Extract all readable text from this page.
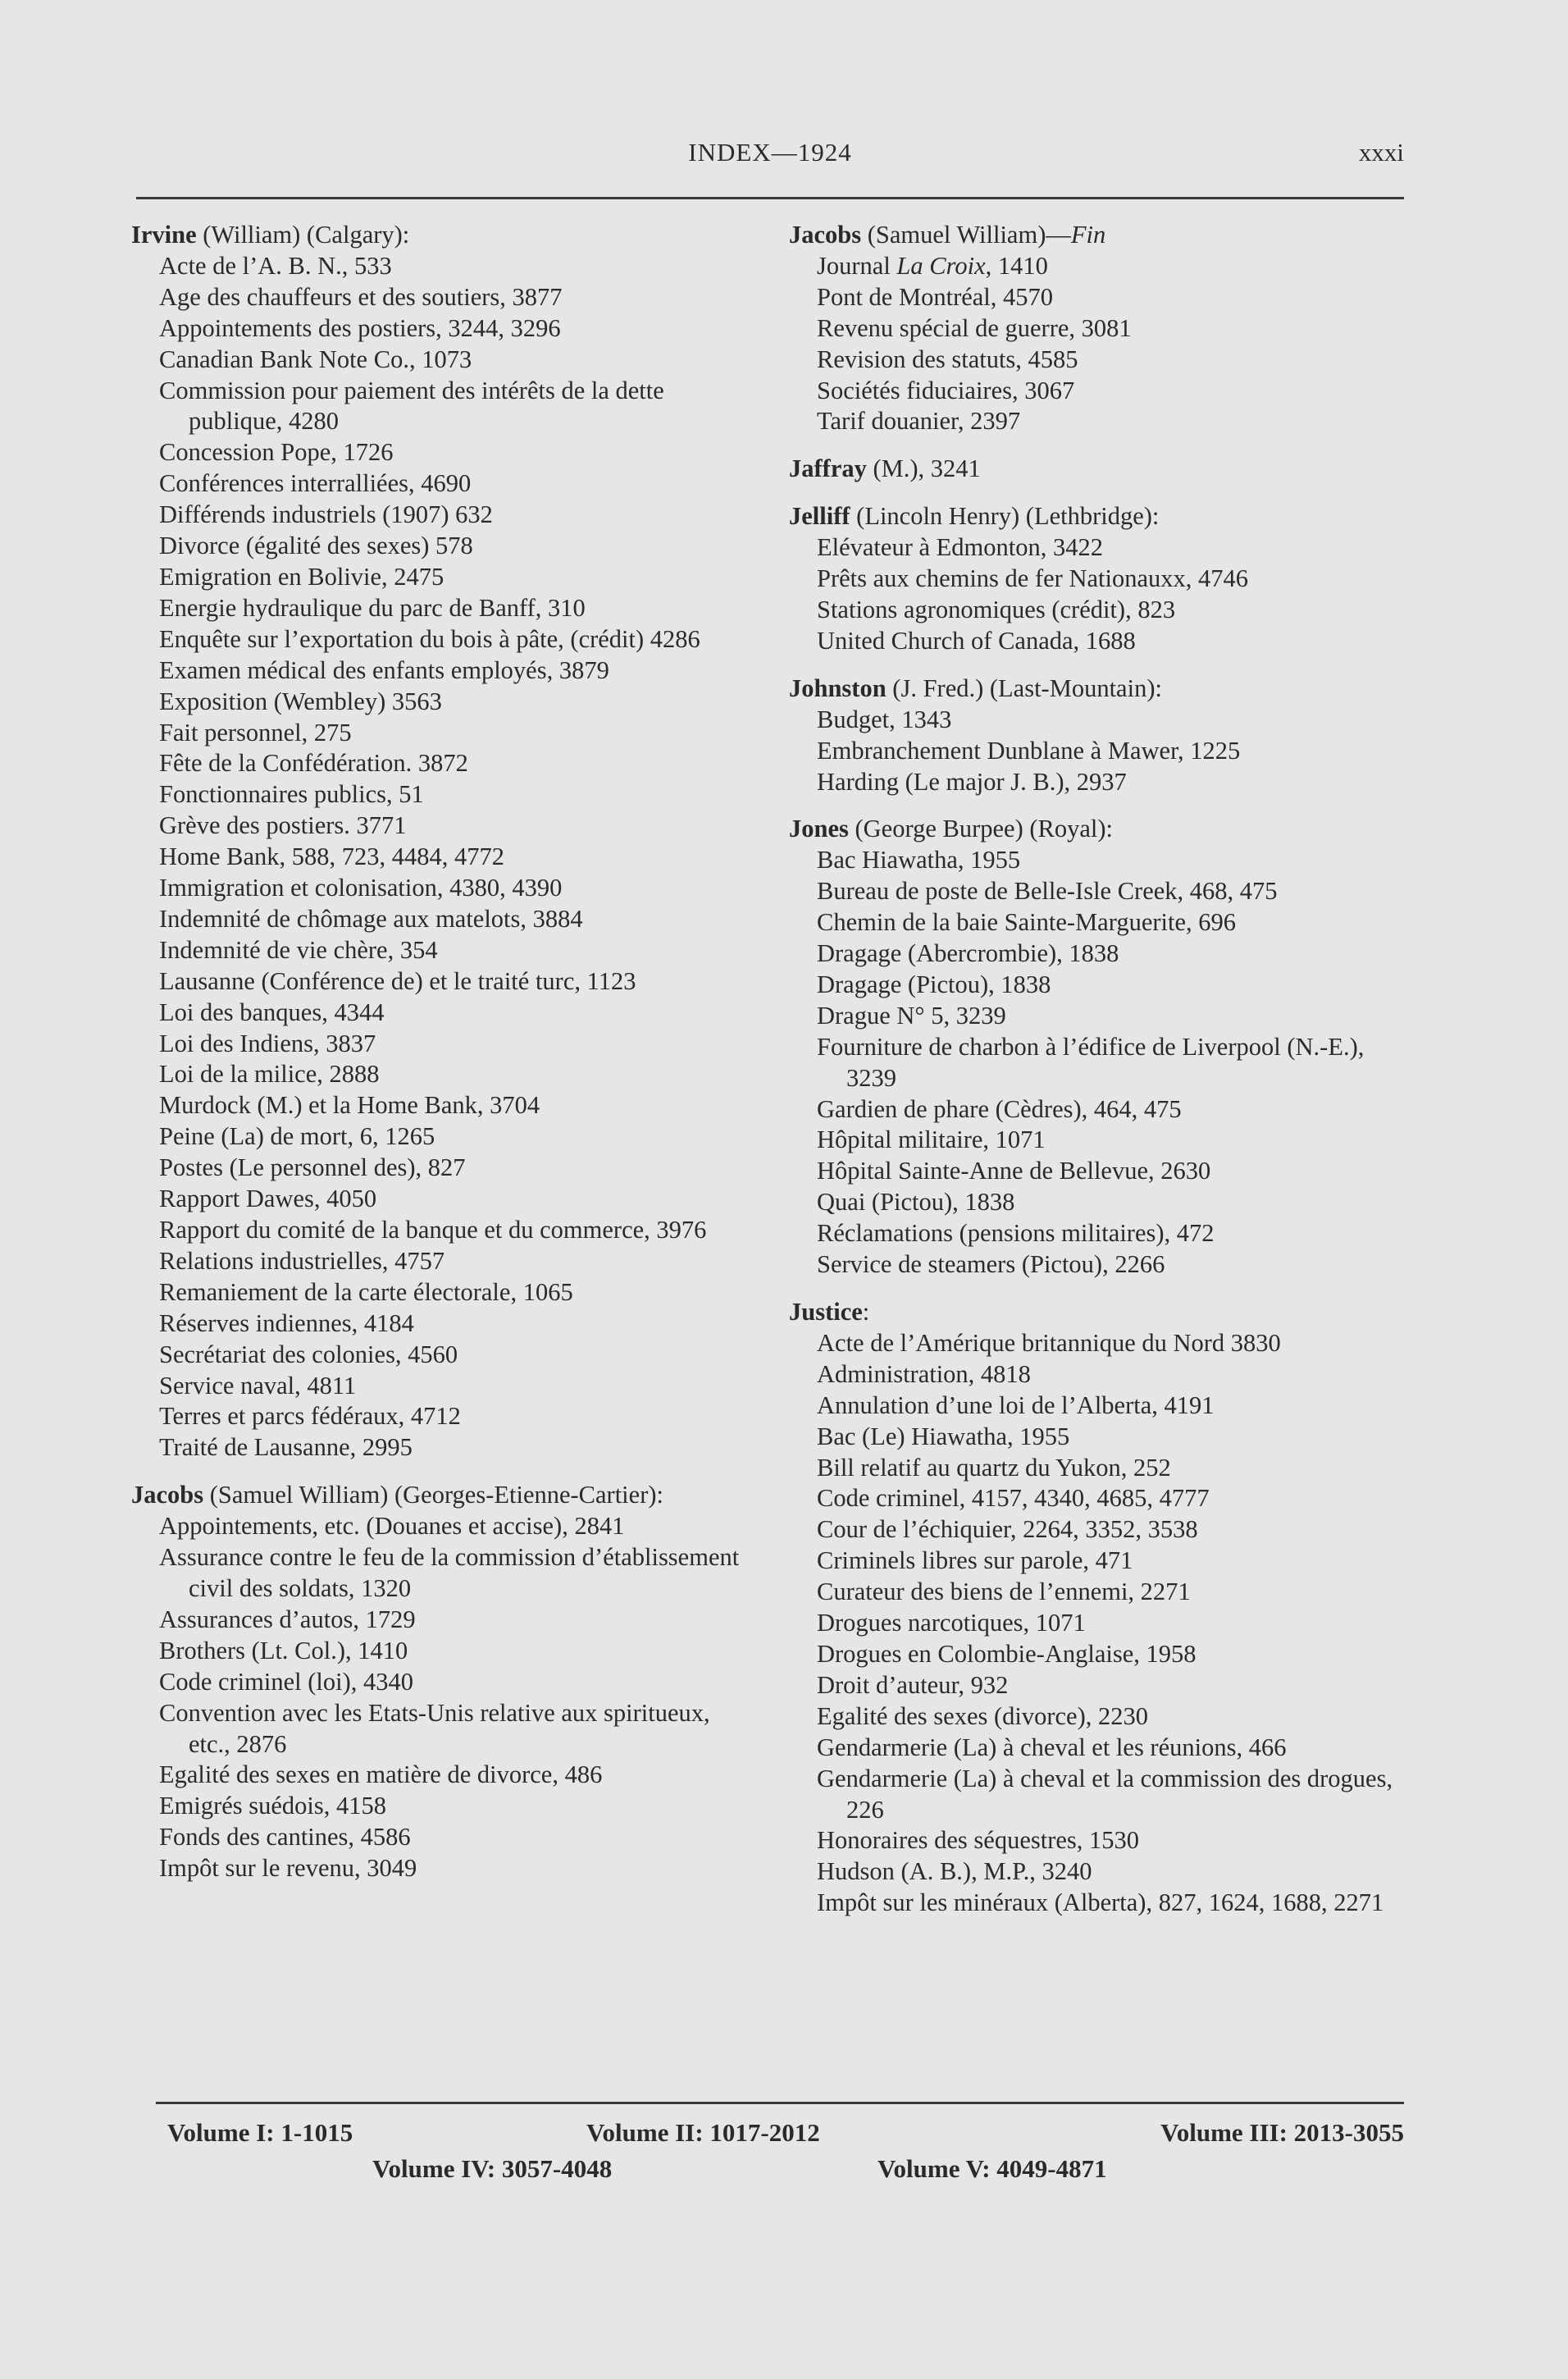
INDEX—1924	xxxi
Irvine (William) (Calgary):
Acte de l’A. B. N., 533
Age des chauffeurs et des soutiers, 3877
Appointements des postiers, 3244, 3296
Canadian Bank Note Co., 1073
Commission pour paiement des intérêts de la dette publique, 4280
Concession Pope, 1726
Conférences interralliées, 4690
Différends industriels (1907) 632
Divorce (égalité des sexes) 578
Emigration en Bolivie, 2475
Energie hydraulique du parc de Banff, 310
Enquête sur l’exportation du bois à pâte, (crédit) 4286
Examen médical des enfants employés, 3879
Exposition (Wembley) 3563
Fait personnel, 275
Fête de la Confédération. 3872
Fonctionnaires publics, 51
Grève des postiers. 3771
Home Bank, 588, 723, 4484, 4772
Immigration et colonisation, 4380, 4390
Indemnité de chômage aux matelots, 3884
Indemnité de vie chère, 354
Lausanne (Conférence de) et le traité turc, 1123
Loi des banques, 4344
Loi des Indiens, 3837
Loi de la milice, 2888
Murdock (M.) et la Home Bank, 3704
Peine (La) de mort, 6, 1265
Postes (Le personnel des), 827
Rapport Dawes, 4050
Rapport du comité de la banque et du commerce, 3976
Relations industrielles, 4757
Remaniement de la carte électorale, 1065
Réserves indiennes, 4184
Secrétariat des colonies, 4560
Service naval, 4811
Terres et parcs fédéraux, 4712
Traité de Lausanne, 2995
Jacobs (Samuel William) (Georges-Etienne-Cartier):
Appointements, etc. (Douanes et accise), 2841
Assurance contre le feu de la commission d’établissement civil des soldats, 1320
Assurances d’autos, 1729
Brothers (Lt. Col.), 1410
Code criminel (loi), 4340
Convention avec les Etats-Unis relative aux spiritueux, etc., 2876
Egalité des sexes en matière de divorce, 486
Emigrés suédois, 4158
Fonds des cantines, 4586
Impôt sur le revenu, 3049
Jacobs (Samuel William)—Fin
Journal La Croix, 1410
Pont de Montréal, 4570
Revenu spécial de guerre, 3081
Revision des statuts, 4585
Sociétés fiduciaires, 3067
Tarif douanier, 2397
Jaffray (M.), 3241
Jelliff (Lincoln Henry) (Lethbridge):
Elévateur à Edmonton, 3422
Prêts aux chemins de fer Nationauxx, 4746
Stations agronomiques (crédit), 823
United Church of Canada, 1688
Johnston (J. Fred.) (Last-Mountain):
Budget, 1343
Embranchement Dunblane à Mawer, 1225
Harding (Le major J. B.), 2937
Jones (George Burpee) (Royal):
Bac Hiawatha, 1955
Bureau de poste de Belle-Isle Creek, 468, 475
Chemin de la baie Sainte-Marguerite, 696
Dragage (Abercrombie), 1838
Dragage (Pictou), 1838
Drague N° 5, 3239
Fourniture de charbon à l’édifice de Liverpool (N.-E.), 3239
Gardien de phare (Cèdres), 464, 475
Hôpital militaire, 1071
Hôpital Sainte-Anne de Bellevue, 2630
Quai (Pictou), 1838
Réclamations (pensions militaires), 472
Service de steamers (Pictou), 2266
Justice:
Acte de l’Amérique britannique du Nord 3830
Administration, 4818
Annulation d’une loi de l’Alberta, 4191
Bac (Le) Hiawatha, 1955
Bill relatif au quartz du Yukon, 252
Code criminel, 4157, 4340, 4685, 4777
Cour de l’échiquier, 2264, 3352, 3538
Criminels libres sur parole, 471
Curateur des biens de l’ennemi, 2271
Drogues narcotiques, 1071
Drogues en Colombie-Anglaise, 1958
Droit d’auteur, 932
Egalité des sexes (divorce), 2230
Gendarmerie (La) à cheval et les réunions, 466
Gendarmerie (La) à cheval et la commission des drogues, 226
Honoraires des séquestres, 1530
Hudson (A. B.), M.P., 3240
Impôt sur les minéraux (Alberta), 827, 1624, 1688, 2271
Volume I: 1-1015	Volume II: 1017-2012	Volume III: 2013-3055
Volume IV: 3057-4048	Volume V: 4049-4871
